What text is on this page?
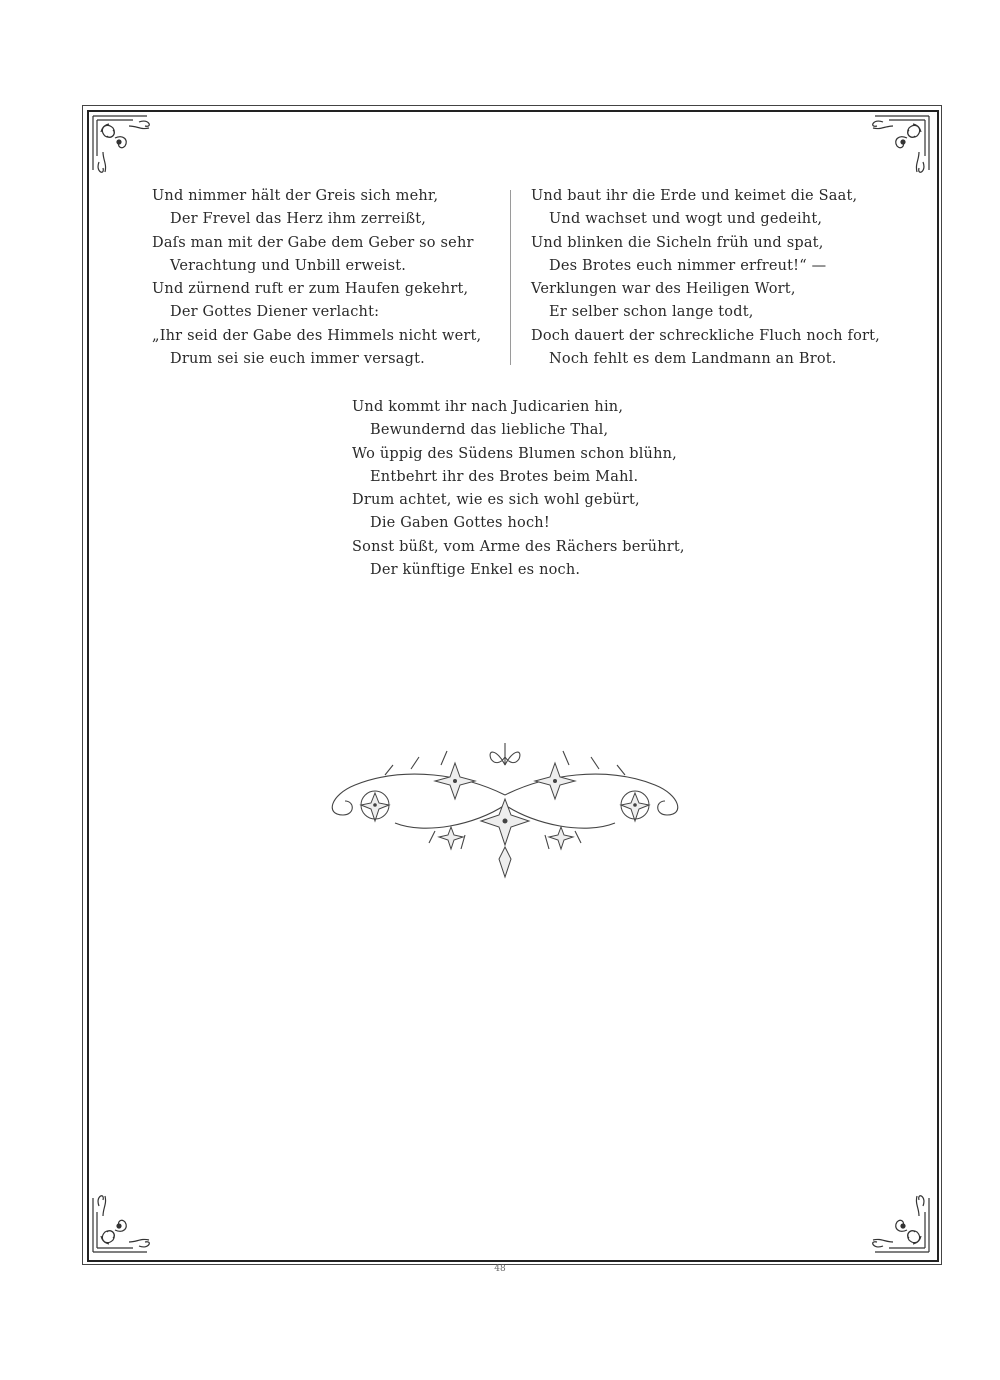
Und nimmer hält der Greis sich mehr,
Der Frevel das Herz ihm zerreißt,
Daſs man mit der Gabe dem Geber so sehr
Verachtung und Unbill erweist.
Und zürnend ruft er zum Haufen gekehrt,
Der Gottes Diener verlacht:
„Ihr seid der Gabe des Himmels nicht wert,
Drum sei sie euch immer versagt.
Und baut ihr die Erde und keimet die Saat,
Und wachset und wogt und gedeiht,
Und blinken die Sicheln früh und spat,
Des Brotes euch nimmer erfreut!“ —
Verklungen war des Heiligen Wort,
Er selber schon lange todt,
Doch dauert der schreckliche Fluch noch fort,
Noch fehlt es dem Landmann an Brot.
Und kommt ihr nach Judicarien hin,
Bewundernd das liebliche Thal,
Wo üppig des Südens Blumen schon blühn,
Entbehrt ihr des Brotes beim Mahl.
Drum achtet, wie es sich wohl gebürt,
Die Gaben Gottes hoch!
Sonst büßt, vom Arme des Rächers berührt,
Der künftige Enkel es noch.
48
